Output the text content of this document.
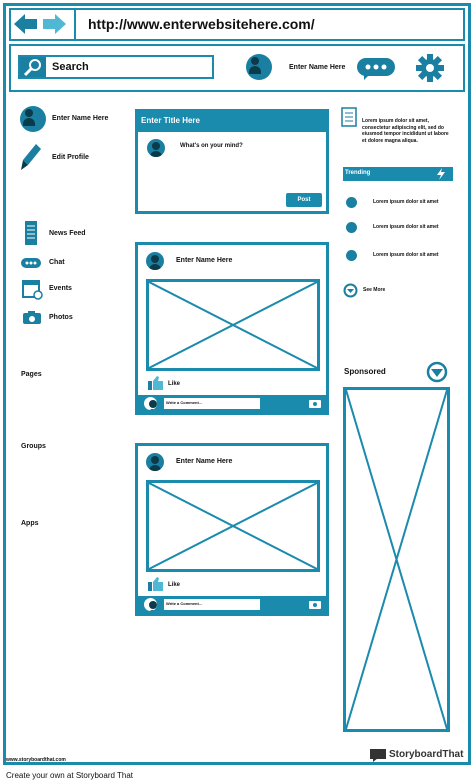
http://www.enterwebsitehere.com/
Search	Enter Name Here
Enter Name Here
Edit Profile
News Feed
Chat
Events
Photos
Pages
Groups
Apps
Enter Title Here
What's on your mind?
Post
Enter Name Here
Like
Write a Comment...
Enter Name Here
Like
Write a Comment...
Lorem ipsum dolor sit amet, consectetur adipiscing elit, sed do eiusmod tempor incididunt ut labore et dolore magna aliqua.
Trending
Lorem ipsum dolor sit amet
Lorem ipsum dolor sit amet
Lorem ipsum dolor sit amet
See More
Sponsored
www.storyboardthat.com	StoryboardThat
Create your own at Storyboard That
